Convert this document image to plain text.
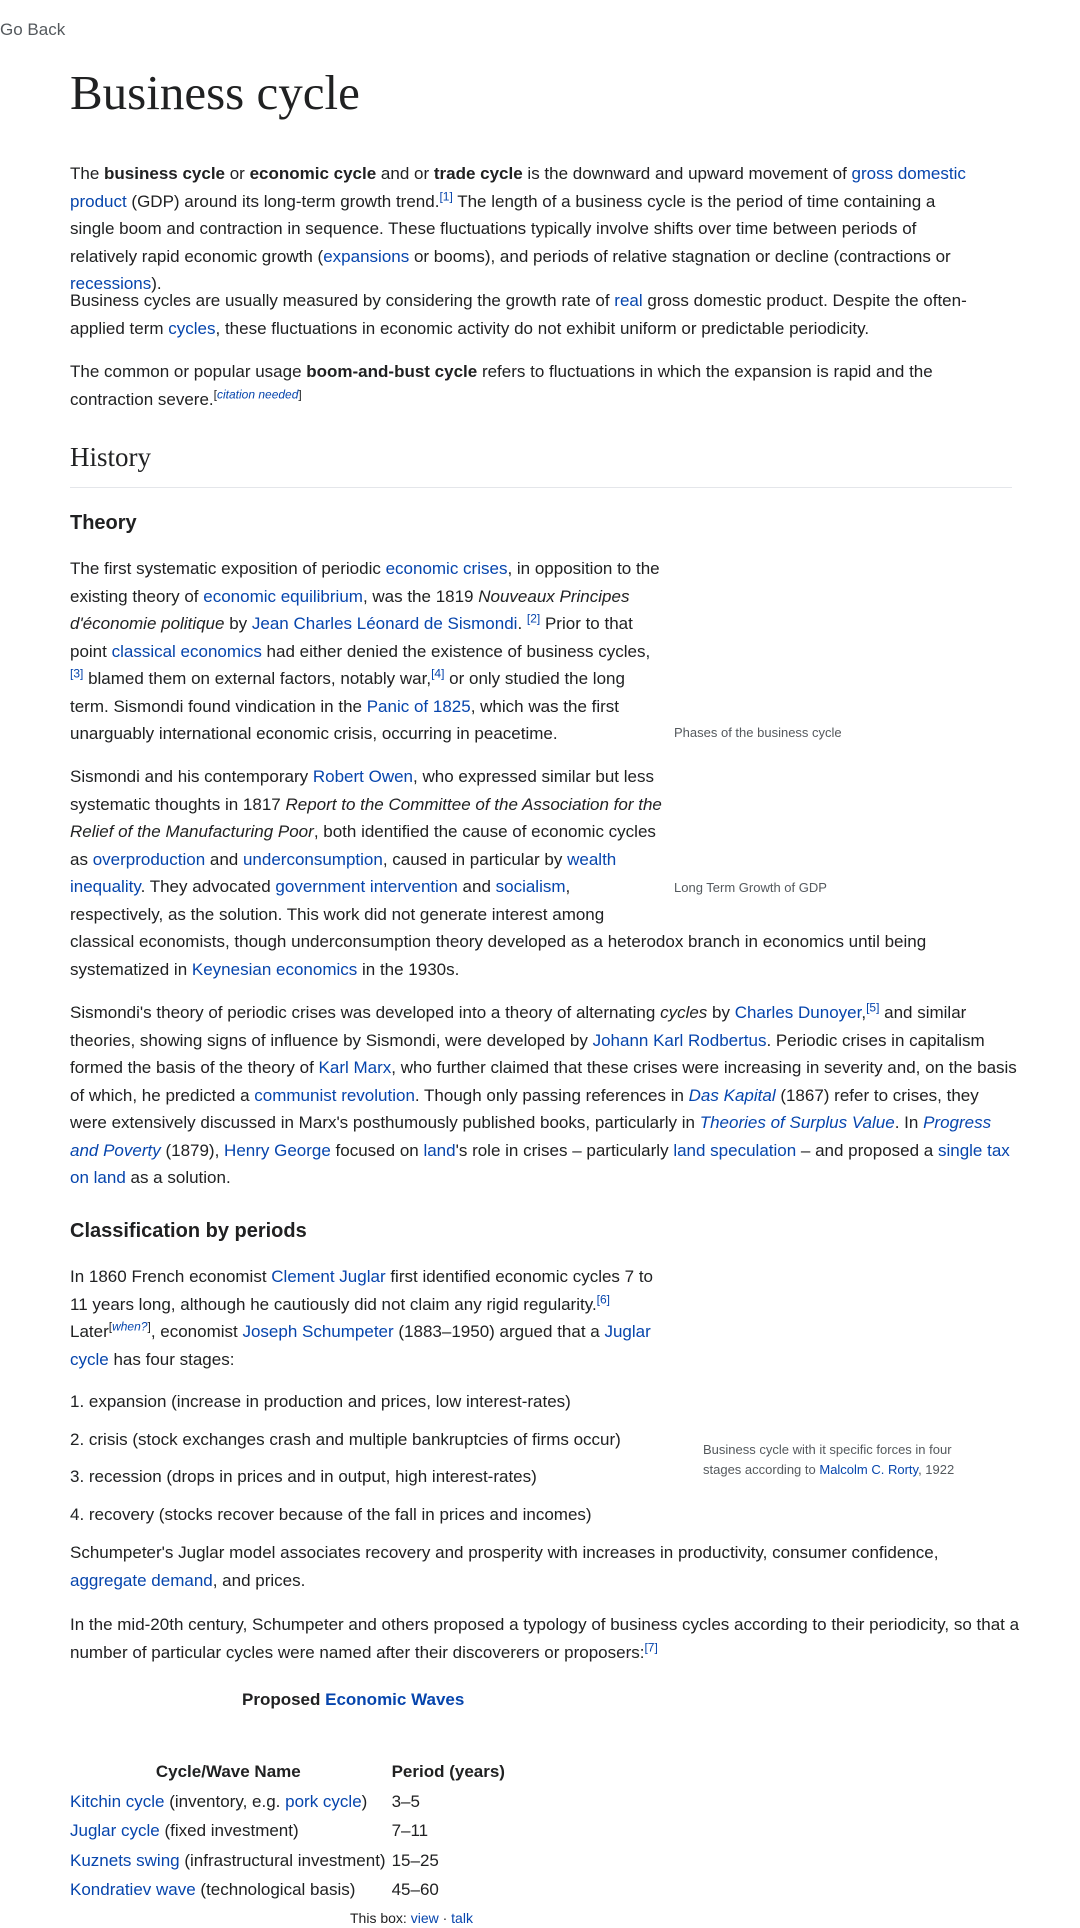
Go Back
Business cycle

The business cycle or economic cycle and or trade cycle is the downward and upward movement of gross domestic product (GDP) around its long-term growth trend.[1] The length of a business cycle is the period of time containing a single boom and contraction in sequence. These fluctuations typically involve shifts over time between periods of relatively rapid economic growth (expansions or booms), and periods of relative stagnation or decline (contractions or recessions).

Business cycles are usually measured by considering the growth rate of real gross domestic product. Despite the often-applied term cycles, these fluctuations in economic activity do not exhibit uniform or predictable periodicity.

The common or popular usage boom-and-bust cycle refers to fluctuations in which the expansion is rapid and the contraction severe.[citation needed]

History
Theory

The first systematic exposition of periodic economic crises, in opposition to the existing theory of economic equilibrium, was the 1819 Nouveaux Principes d'économie politique by Jean Charles Léonard de Sismondi. [2] Prior to that point classical economics had either denied the existence of business cycles,[3] blamed them on external factors, notably war,[4] or only studied the long term. Sismondi found vindication in the Panic of 1825, which was the first unarguably international economic crisis, occurring in peacetime.	Phases of the business cycle

Sismondi and his contemporary Robert Owen, who expressed similar but less systematic thoughts in 1817 Report to the Committee of the Association for the Relief of the Manufacturing Poor, both identified the cause of economic cycles as overproduction and underconsumption, caused in particular by wealth inequality. They advocated government intervention and socialism, respectively, as the solution. This work did not generate interest among classical economists, though underconsumption theory developed as a heterodox branch in economics until being systematized in Keynesian economics in the 1930s.

Long Term Growth of GDP

Sismondi's theory of periodic crises was developed into a theory of alternating cycles by Charles Dunoyer,[5] and similar theories, showing signs of influence by Sismondi, were developed by Johann Karl Rodbertus. Periodic crises in capitalism formed the basis of the theory of Karl Marx, who further claimed that these crises were increasing in severity and, on the basis of which, he predicted a communist revolution. Though only passing references in Das Kapital (1867) refer to crises, they were extensively discussed in Marx's posthumously published books, particularly in Theories of Surplus Value. In Progress and Poverty (1879), Henry George focused on land's role in crises – particularly land speculation – and proposed a single tax on land as a solution.

Classification by periods

In 1860 French economist Clement Juglar first identified economic cycles 7 to 11 years long, although he cautiously did not claim any rigid regularity.[6] Later[when?], economist Joseph Schumpeter (1883–1950) argued that a Juglar cycle has four stages:

1. expansion (increase in production and prices, low interest-rates)
2. crisis (stock exchanges crash and multiple bankruptcies of firms occur)
3. recession (drops in prices and in output, high interest-rates)
4. recovery (stocks recover because of the fall in prices and incomes)
Business cycle with it specific forces in four stages according to Malcolm C. Rorty, 1922

Schumpeter's Juglar model associates recovery and prosperity with increases in productivity, consumer confidence, aggregate demand, and prices.

In the mid-20th century, Schumpeter and others proposed a typology of business cycles according to their periodicity, so that a number of particular cycles were named after their discoverers or proposers:[7]

Proposed Economic Waves
Cycle/Wave Name	Period (years)
Kitchin cycle (inventory, e.g. pork cycle)	3–5
Juglar cycle (fixed investment)	7–11
Kuznets swing (infrastructural investment)	15–25
Kondratiev wave (technological basis)	45–60
This box: view · talk
